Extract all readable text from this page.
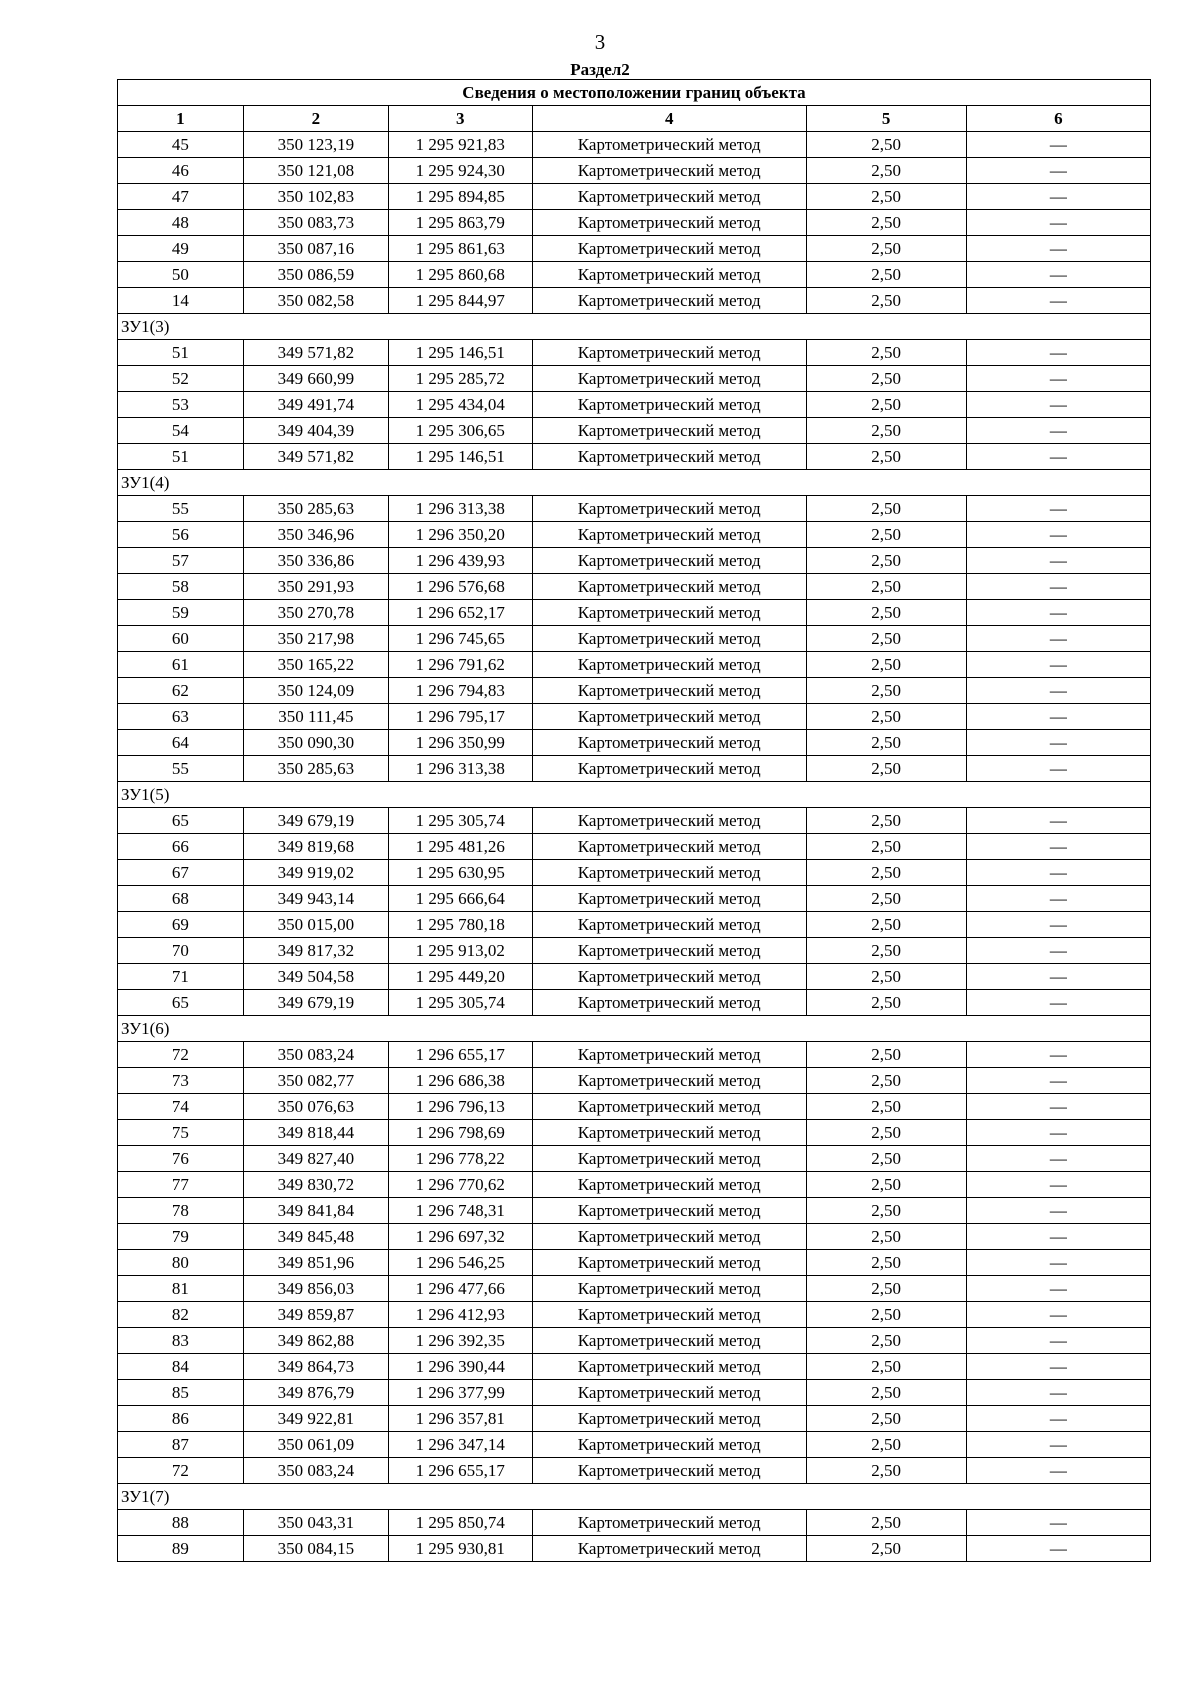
3
Раздел2
Сведения о местоположении границ объекта					
1	2	3	4	5	6
45	350 123,19	1 295 921,83	Картометрический метод	2,50	—
46	350 121,08	1 295 924,30	Картометрический метод	2,50	—
47	350 102,83	1 295 894,85	Картометрический метод	2,50	—
48	350 083,73	1 295 863,79	Картометрический метод	2,50	—
49	350 087,16	1 295 861,63	Картометрический метод	2,50	—
50	350 086,59	1 295 860,68	Картометрический метод	2,50	—
14	350 082,58	1 295 844,97	Картометрический метод	2,50	—
ЗУ1(3)					
51	349 571,82	1 295 146,51	Картометрический метод	2,50	—
52	349 660,99	1 295 285,72	Картометрический метод	2,50	—
53	349 491,74	1 295 434,04	Картометрический метод	2,50	—
54	349 404,39	1 295 306,65	Картометрический метод	2,50	—
51	349 571,82	1 295 146,51	Картометрический метод	2,50	—
ЗУ1(4)					
55	350 285,63	1 296 313,38	Картометрический метод	2,50	—
56	350 346,96	1 296 350,20	Картометрический метод	2,50	—
57	350 336,86	1 296 439,93	Картометрический метод	2,50	—
58	350 291,93	1 296 576,68	Картометрический метод	2,50	—
59	350 270,78	1 296 652,17	Картометрический метод	2,50	—
60	350 217,98	1 296 745,65	Картометрический метод	2,50	—
61	350 165,22	1 296 791,62	Картометрический метод	2,50	—
62	350 124,09	1 296 794,83	Картометрический метод	2,50	—
63	350 111,45	1 296 795,17	Картометрический метод	2,50	—
64	350 090,30	1 296 350,99	Картометрический метод	2,50	—
55	350 285,63	1 296 313,38	Картометрический метод	2,50	—
ЗУ1(5)					
65	349 679,19	1 295 305,74	Картометрический метод	2,50	—
66	349 819,68	1 295 481,26	Картометрический метод	2,50	—
67	349 919,02	1 295 630,95	Картометрический метод	2,50	—
68	349 943,14	1 295 666,64	Картометрический метод	2,50	—
69	350 015,00	1 295 780,18	Картометрический метод	2,50	—
70	349 817,32	1 295 913,02	Картометрический метод	2,50	—
71	349 504,58	1 295 449,20	Картометрический метод	2,50	—
65	349 679,19	1 295 305,74	Картометрический метод	2,50	—
ЗУ1(6)					
72	350 083,24	1 296 655,17	Картометрический метод	2,50	—
73	350 082,77	1 296 686,38	Картометрический метод	2,50	—
74	350 076,63	1 296 796,13	Картометрический метод	2,50	—
75	349 818,44	1 296 798,69	Картометрический метод	2,50	—
76	349 827,40	1 296 778,22	Картометрический метод	2,50	—
77	349 830,72	1 296 770,62	Картометрический метод	2,50	—
78	349 841,84	1 296 748,31	Картометрический метод	2,50	—
79	349 845,48	1 296 697,32	Картометрический метод	2,50	—
80	349 851,96	1 296 546,25	Картометрический метод	2,50	—
81	349 856,03	1 296 477,66	Картометрический метод	2,50	—
82	349 859,87	1 296 412,93	Картометрический метод	2,50	—
83	349 862,88	1 296 392,35	Картометрический метод	2,50	—
84	349 864,73	1 296 390,44	Картометрический метод	2,50	—
85	349 876,79	1 296 377,99	Картометрический метод	2,50	—
86	349 922,81	1 296 357,81	Картометрический метод	2,50	—
87	350 061,09	1 296 347,14	Картометрический метод	2,50	—
72	350 083,24	1 296 655,17	Картометрический метод	2,50	—
ЗУ1(7)					
88	350 043,31	1 295 850,74	Картометрический метод	2,50	—
89	350 084,15	1 295 930,81	Картометрический метод	2,50	—
